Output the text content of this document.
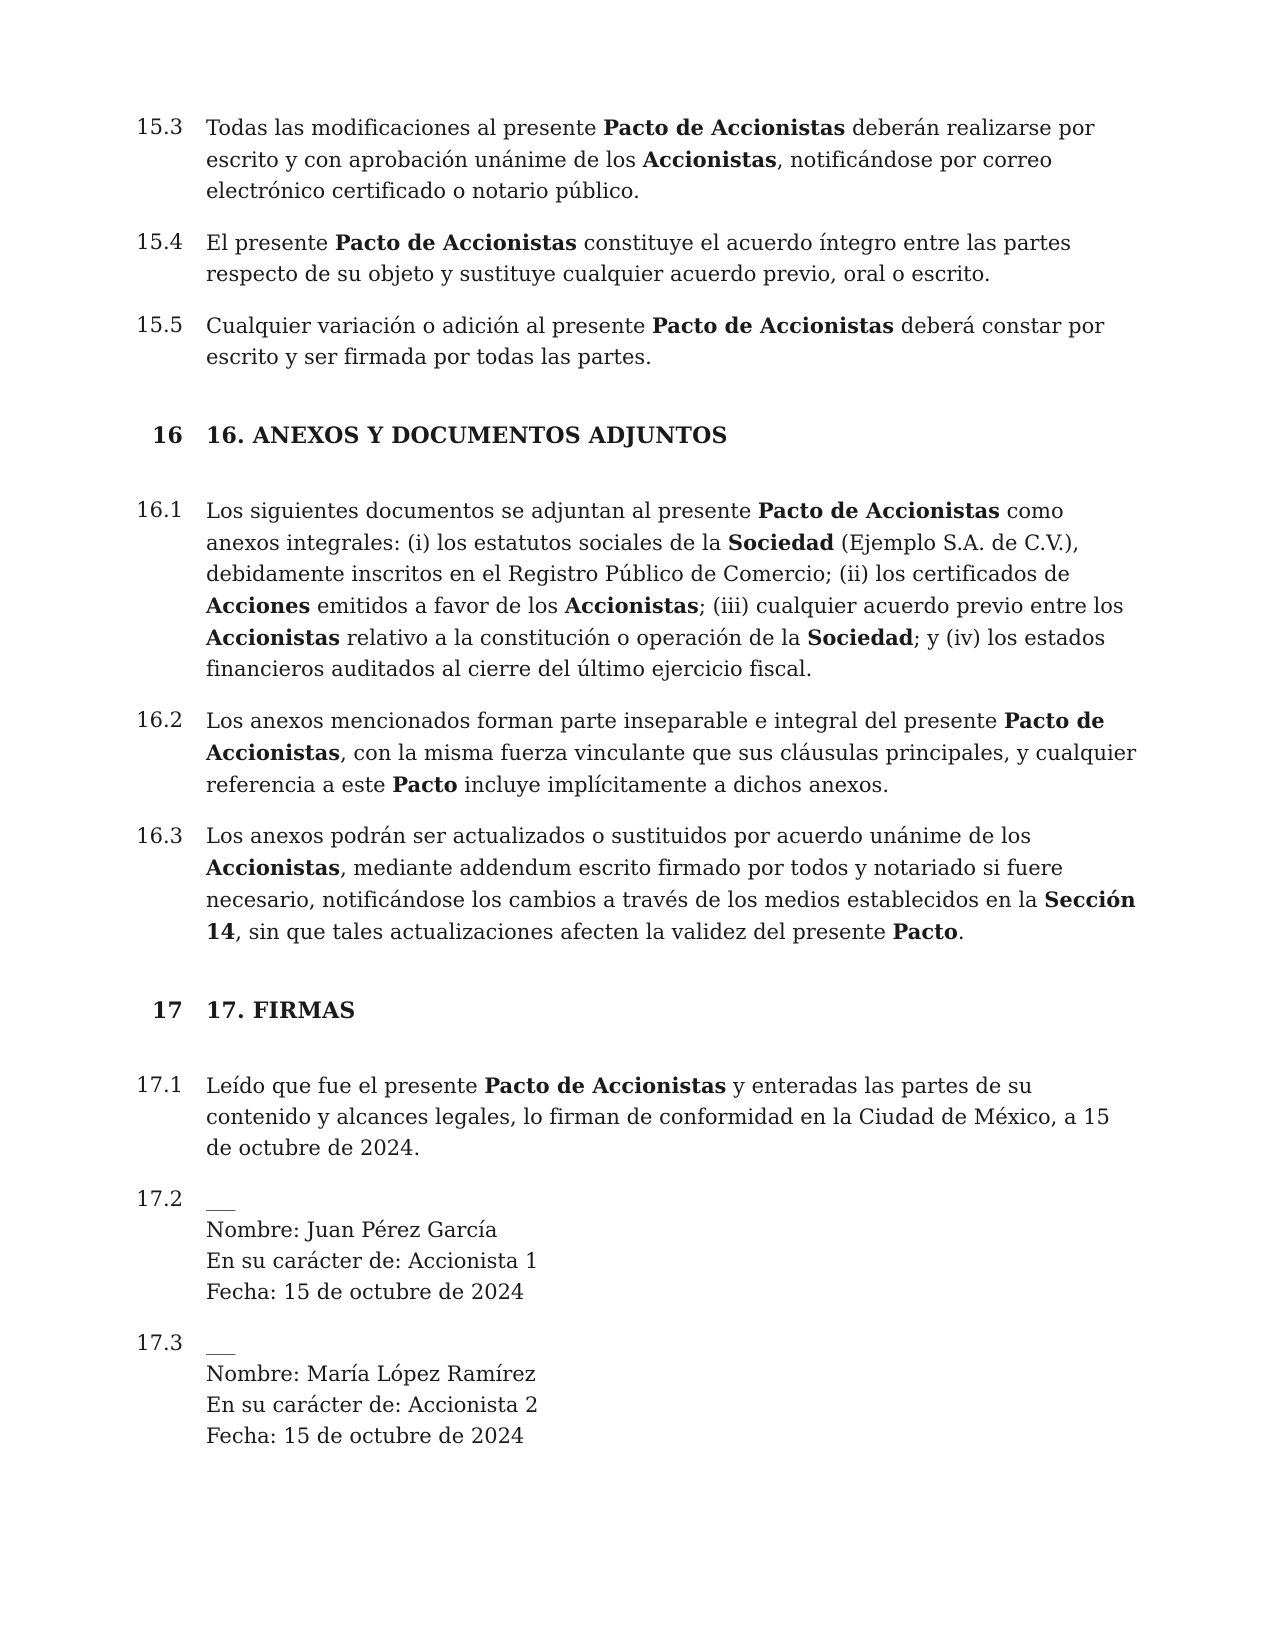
15.3 Todas las modificaciones al presente Pacto de Accionistas deberán realizarse por escrito y con aprobación unánime de los Accionistas, notificándose por correo electrónico certificado o notario público.
15.4 El presente Pacto de Accionistas constituye el acuerdo íntegro entre las partes respecto de su objeto y sustituye cualquier acuerdo previo, oral o escrito.
15.5 Cualquier variación o adición al presente Pacto de Accionistas deberá constar por escrito y ser firmada por todas las partes.
16 16. ANEXOS Y DOCUMENTOS ADJUNTOS
16.1 Los siguientes documentos se adjuntan al presente Pacto de Accionistas como anexos integrales: (i) los estatutos sociales de la Sociedad (Ejemplo S.A. de C.V.), debidamente inscritos en el Registro Público de Comercio; (ii) los certificados de Acciones emitidos a favor de los Accionistas; (iii) cualquier acuerdo previo entre los Accionistas relativo a la constitución o operación de la Sociedad; y (iv) los estados financieros auditados al cierre del último ejercicio fiscal.
16.2 Los anexos mencionados forman parte inseparable e integral del presente Pacto de Accionistas, con la misma fuerza vinculante que sus cláusulas principales, y cualquier referencia a este Pacto incluye implícitamente a dichos anexos.
16.3 Los anexos podrán ser actualizados o sustituidos por acuerdo unánime de los Accionistas, mediante addendum escrito firmado por todos y notariado si fuere necesario, notificándose los cambios a través de los medios establecidos en la Sección 14, sin que tales actualizaciones afecten la validez del presente Pacto.
17 17. FIRMAS
17.1 Leído que fue el presente Pacto de Accionistas y enteradas las partes de su contenido y alcances legales, lo firman de conformidad en la Ciudad de México, a 15 de octubre de 2024.
17.2 ___
Nombre: Juan Pérez García
En su carácter de: Accionista 1
Fecha: 15 de octubre de 2024
17.3 ___
Nombre: María López Ramírez
En su carácter de: Accionista 2
Fecha: 15 de octubre de 2024
